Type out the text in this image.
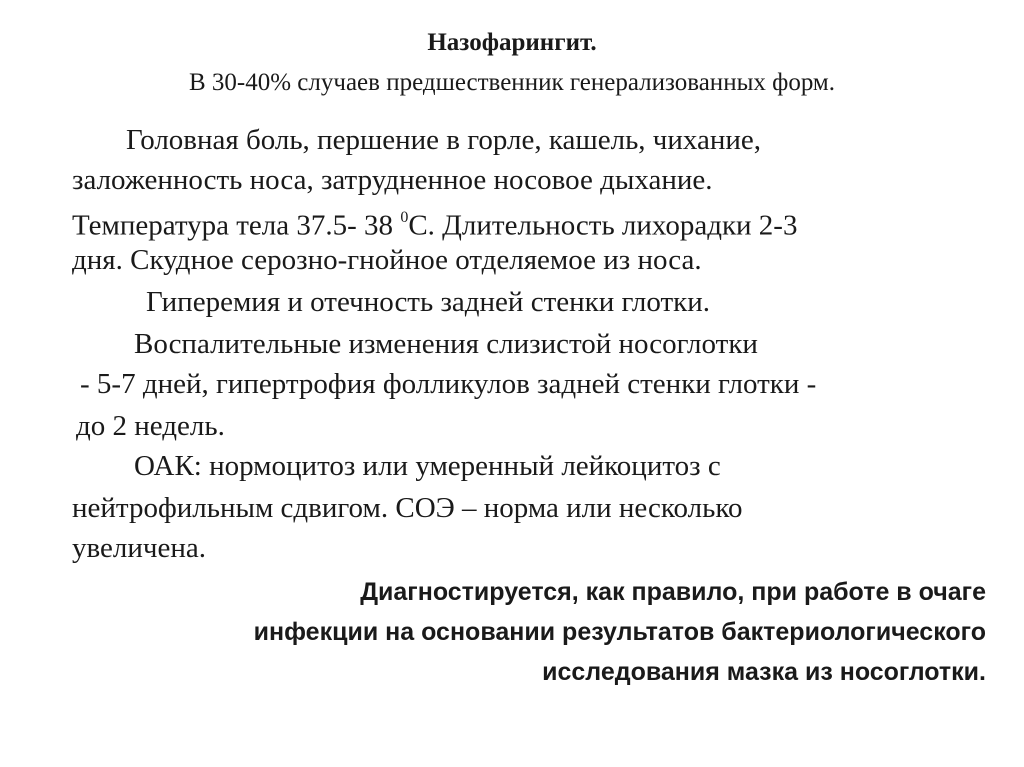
Назофарингит.
В 30-40% случаев предшественник генерализованных форм.
Головная боль, першение в горле, кашель, чихание,
заложенность носа, затрудненное носовое дыхание.
Температура тела 37.5- 38 $^0$С. Длительность лихорадки 2-3
дня. Скудное серозно-гнойное отделяемое из носа.
Гиперемия и отечность задней стенки глотки.
Воспалительные изменения слизистой носоглотки
- 5-7 дней, гипертрофия фолликулов задней стенки глотки -
до 2 недель.
ОАК: нормоцитоз или умеренный лейкоцитоз с
нейтрофильным сдвигом. СОЭ – норма или несколько
увеличена.
Диагностируется, как правило, при работе в очаге
инфекции на основании результатов бактериологического
исследования мазка из носоглотки.
